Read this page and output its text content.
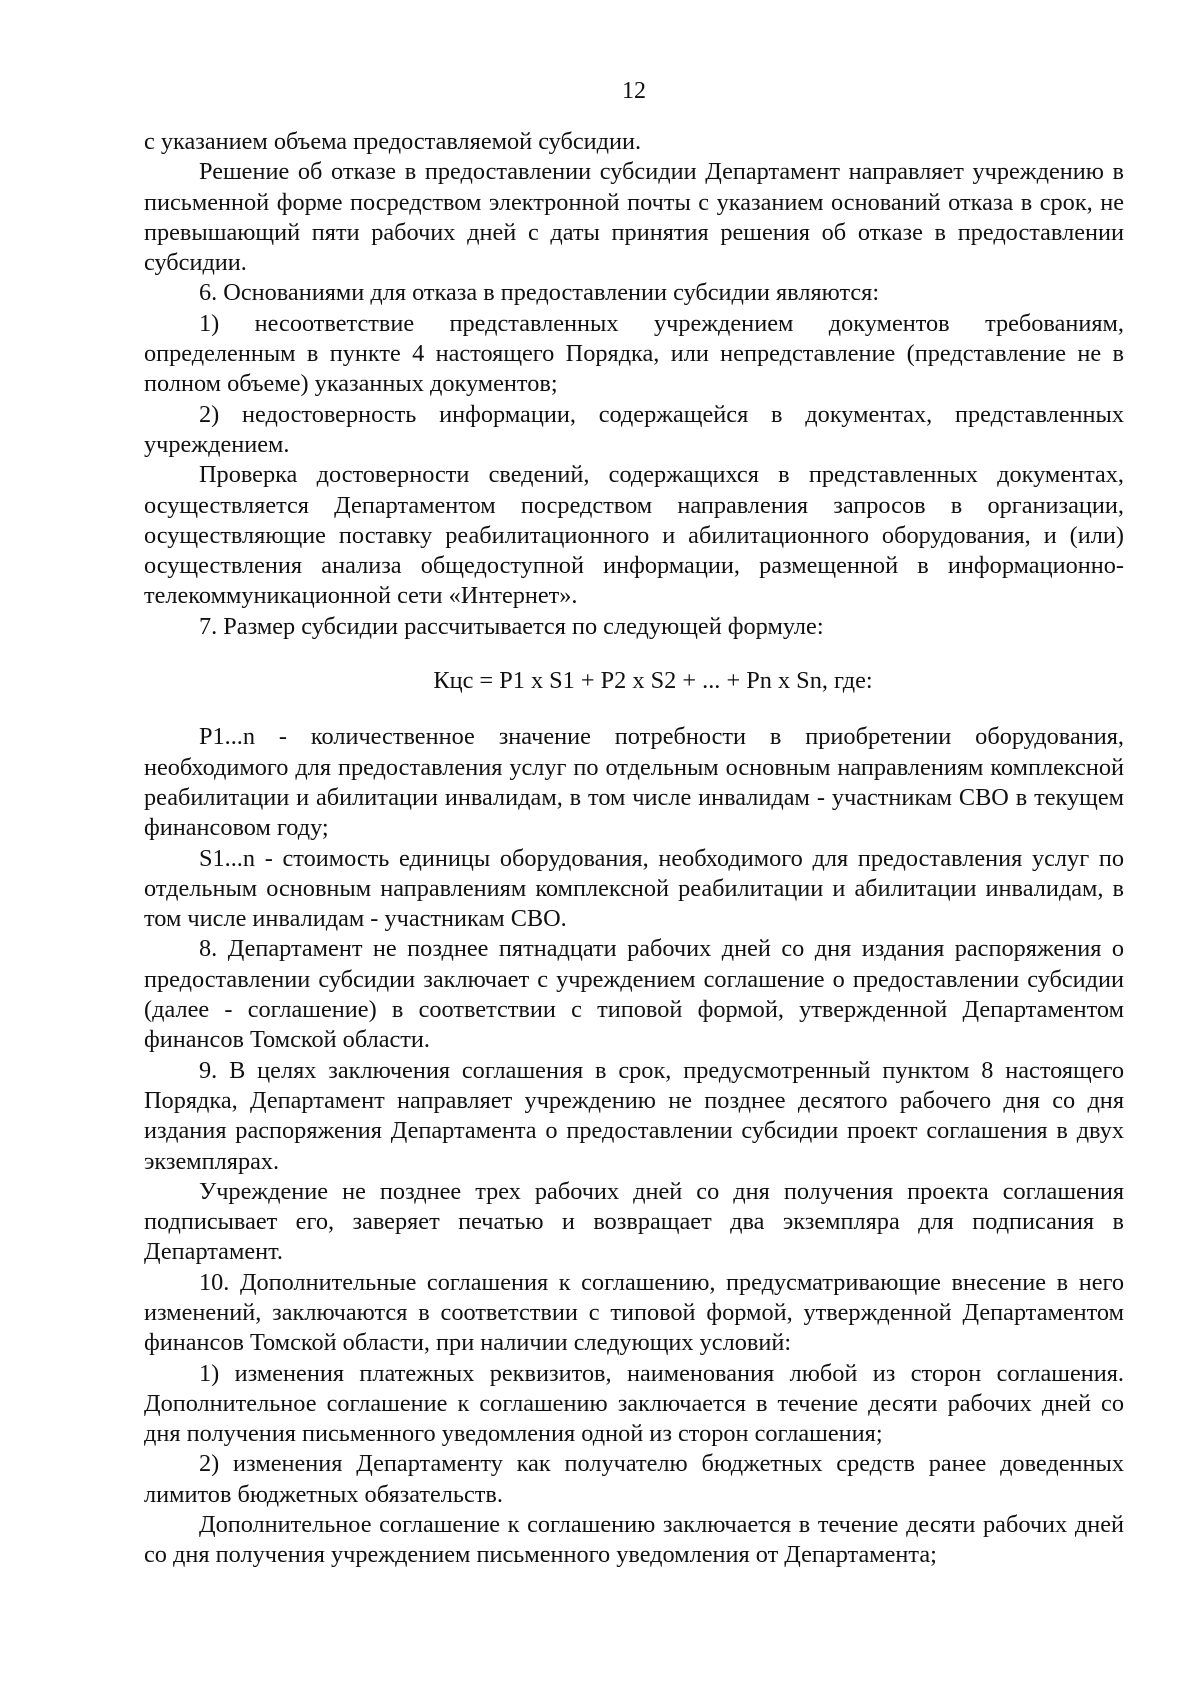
12

с указанием объема предоставляемой субсидии.

Решение об отказе в предоставлении субсидии Департамент направляет учреждению в письменной форме посредством электронной почты с указанием оснований отказа в срок, не превышающий пяти рабочих дней с даты принятия решения об отказе в предоставлении субсидии.

6. Основаниями для отказа в предоставлении субсидии являются:

1) несоответствие представленных учреждением документов требованиям, определенным в пункте 4 настоящего Порядка, или непредставление (представление не в полном объеме) указанных документов;

2) недостоверность информации, содержащейся в документах, представленных учреждением.

Проверка достоверности сведений, содержащихся в представленных документах, осуществляется Департаментом посредством направления запросов в организации, осуществляющие поставку реабилитационного и абилитационного оборудования, и (или) осуществления анализа общедоступной информации, размещенной в информационно-телекоммуникационной сети «Интернет».

7. Размер субсидии рассчитывается по следующей формуле:

Кцс = P1 x S1 + P2 x S2 + ... + Pn x Sn, где:

P1...n - количественное значение потребности в приобретении оборудования, необходимого для предоставления услуг по отдельным основным направлениям комплексной реабилитации и абилитации инвалидам, в том числе инвалидам - участникам СВО в текущем финансовом году;

S1...n - стоимость единицы оборудования, необходимого для предоставления услуг по отдельным основным направлениям комплексной реабилитации и абилитации инвалидам, в том числе инвалидам - участникам СВО.

8. Департамент не позднее пятнадцати рабочих дней со дня издания распоряжения о предоставлении субсидии заключает с учреждением соглашение о предоставлении субсидии (далее - соглашение) в соответствии с типовой формой, утвержденной Департаментом финансов Томской области.

9. В целях заключения соглашения в срок, предусмотренный пунктом 8 настоящего Порядка, Департамент направляет учреждению не позднее десятого рабочего дня со дня издания распоряжения Департамента о предоставлении субсидии проект соглашения в двух экземплярах.

Учреждение не позднее трех рабочих дней со дня получения проекта соглашения подписывает его, заверяет печатью и возвращает два экземпляра для подписания в Департамент.

10. Дополнительные соглашения к соглашению, предусматривающие внесение в него изменений, заключаются в соответствии с типовой формой, утвержденной Департаментом финансов Томской области, при наличии следующих условий:

1) изменения платежных реквизитов, наименования любой из сторон соглашения. Дополнительное соглашение к соглашению заключается в течение десяти рабочих дней со дня получения письменного уведомления одной из сторон соглашения;

2) изменения Департаменту как получателю бюджетных средств ранее доведенных лимитов бюджетных обязательств.

Дополнительное соглашение к соглашению заключается в течение десяти рабочих дней со дня получения учреждением письменного уведомления от Департамента;
